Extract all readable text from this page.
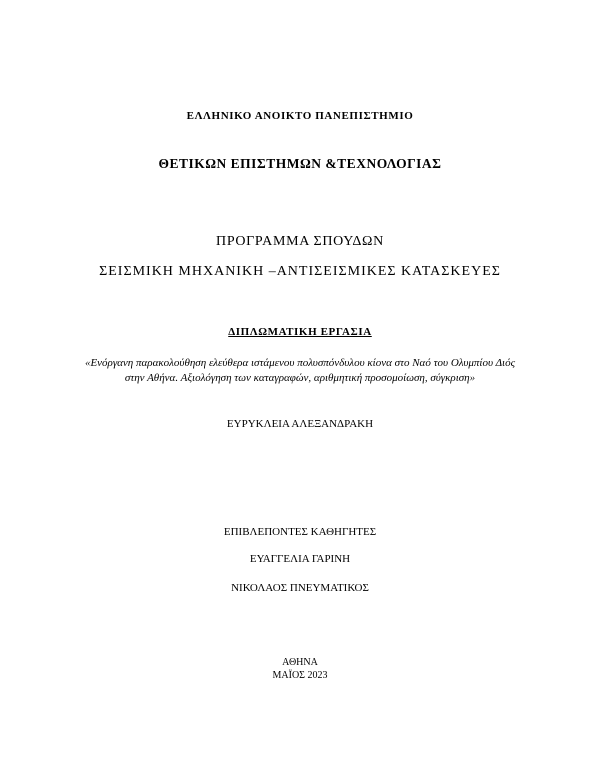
ΕΛΛΗΝΙΚΟ ΑΝΟΙΚΤΟ ΠΑΝΕΠΙΣΤΗΜΙΟ
ΘΕΤΙΚΩΝ ΕΠΙΣΤΗΜΩΝ &ΤΕΧΝΟΛΟΓΙΑΣ
ΠΡΟΓΡΑΜΜΑ ΣΠΟΥΔΩΝ
ΣΕΙΣΜΙΚΗ ΜΗΧΑΝΙΚΗ –ΑΝΤΙΣΕΙΣΜΙΚΕΣ ΚΑΤΑΣΚΕΥΕΣ
ΔΙΠΛΩΜΑΤΙΚΗ ΕΡΓΑΣΙΑ
«Ενόργανη παρακολούθηση ελεύθερα ιστάμενου πολυσπόνδυλου κίονα στο Ναό του Ολυμπίου Διός στην Αθήνα. Αξιολόγηση των καταγραφών, αριθμητική προσομοίωση, σύγκριση»
ΕΥΡΥΚΛΕΙΑ ΑΛΕΞΑΝΔΡΑΚΗ
ΕΠΙΒΛΕΠΟΝΤΕΣ ΚΑΘΗΓΗΤΕΣ
ΕΥΑΓΓΕΛΙΑ ΓΑΡΙΝΗ
ΝΙΚΟΛΑΟΣ ΠΝΕΥΜΑΤΙΚΟΣ
ΑΘΗΝΑ
ΜΑΪΟΣ 2023
